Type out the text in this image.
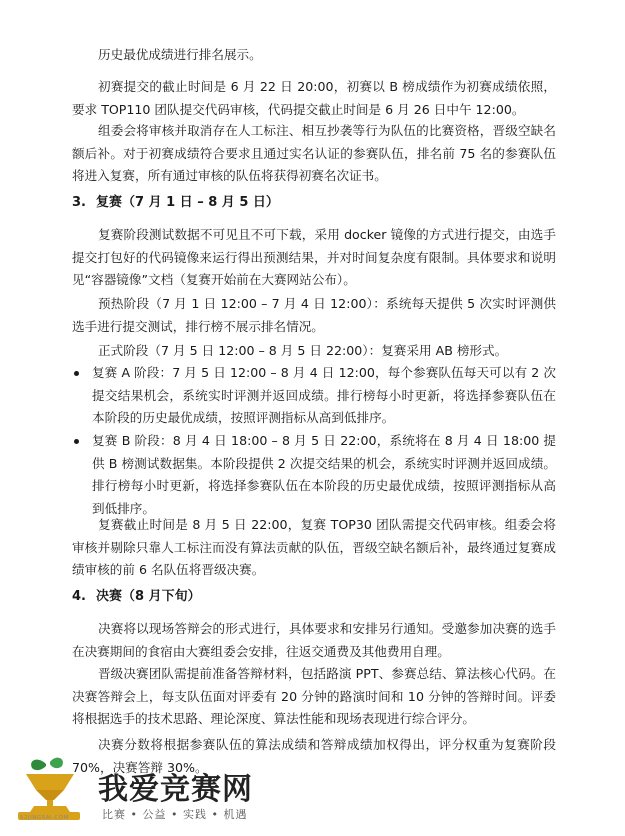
历史最优成绩进行排名展示。

初赛提交的截止时间是 6 月 22 日 20:00，初赛以 B 榜成绩作为初赛成绩依照，要求 TOP110 团队提交代码审核，代码提交截止时间是 6 月 26 日中午 12:00。

组委会将审核并取消存在人工标注、相互抄袭等行为队伍的比赛资格，晋级空缺名额后补。对于初赛成绩符合要求且通过实名认证的参赛队伍，排名前 75 名的参赛队伍将进入复赛，所有通过审核的队伍将获得初赛名次证书。

3. 复赛（7 月 1 日 – 8 月 5 日）

复赛阶段测试数据不可见且不可下载，采用 docker 镜像的方式进行提交，由选手提交打包好的代码镜像来运行得出预测结果，并对时间复杂度有限制。具体要求和说明见“容器镜像”文档（复赛开始前在大赛网站公布）。

预热阶段（7 月 1 日 12:00 – 7 月 4 日 12:00）：系统每天提供 5 次实时评测供选手进行提交测试，排行榜不展示排名情况。

正式阶段（7 月 5 日 12:00 – 8 月 5 日 22:00）：复赛采用 AB 榜形式。

复赛 A 阶段：7 月 5 日 12:00 – 8 月 4 日 12:00，每个参赛队伍每天可以有 2 次提交结果机会，系统实时评测并返回成绩。排行榜每小时更新，将选择参赛队伍在本阶段的历史最优成绩，按照评测指标从高到低排序。
复赛 B 阶段：8 月 4 日 18:00 – 8 月 5 日 22:00，系统将在 8 月 4 日 18:00 提供 B 榜测试数据集。本阶段提供 2 次提交结果的机会，系统实时评测并返回成绩。排行榜每小时更新，将选择参赛队伍在本阶段的历史最优成绩，按照评测指标从高到低排序。

复赛截止时间是 8 月 5 日 22:00，复赛 TOP30 团队需提交代码审核。组委会将审核并剔除只靠人工标注而没有算法贡献的队伍，晋级空缺名额后补，最终通过复赛成绩审核的前 6 名队伍将晋级决赛。

4. 决赛（8 月下旬）

决赛将以现场答辩会的形式进行，具体要求和安排另行通知。受邀参加决赛的选手在决赛期间的食宿由大赛组委会安排，往返交通费及其他费用自理。

晋级决赛团队需提前准备答辩材料，包括路演 PPT、参赛总结、算法核心代码。在决赛答辩会上，每支队伍面对评委有 20 分钟的路演时间和 10 分钟的答辩时间。评委将根据选手的技术思路、理论深度、算法性能和现场表现进行综合评分。

决赛分数将根据参赛队伍的算法成绩和答辩成绩加权得出，评分权重为复赛阶段 70%，决赛答辩 30%。

52JINGSAI.COM
我爱竞赛网
比赛 • 公益 • 实践 • 机遇
